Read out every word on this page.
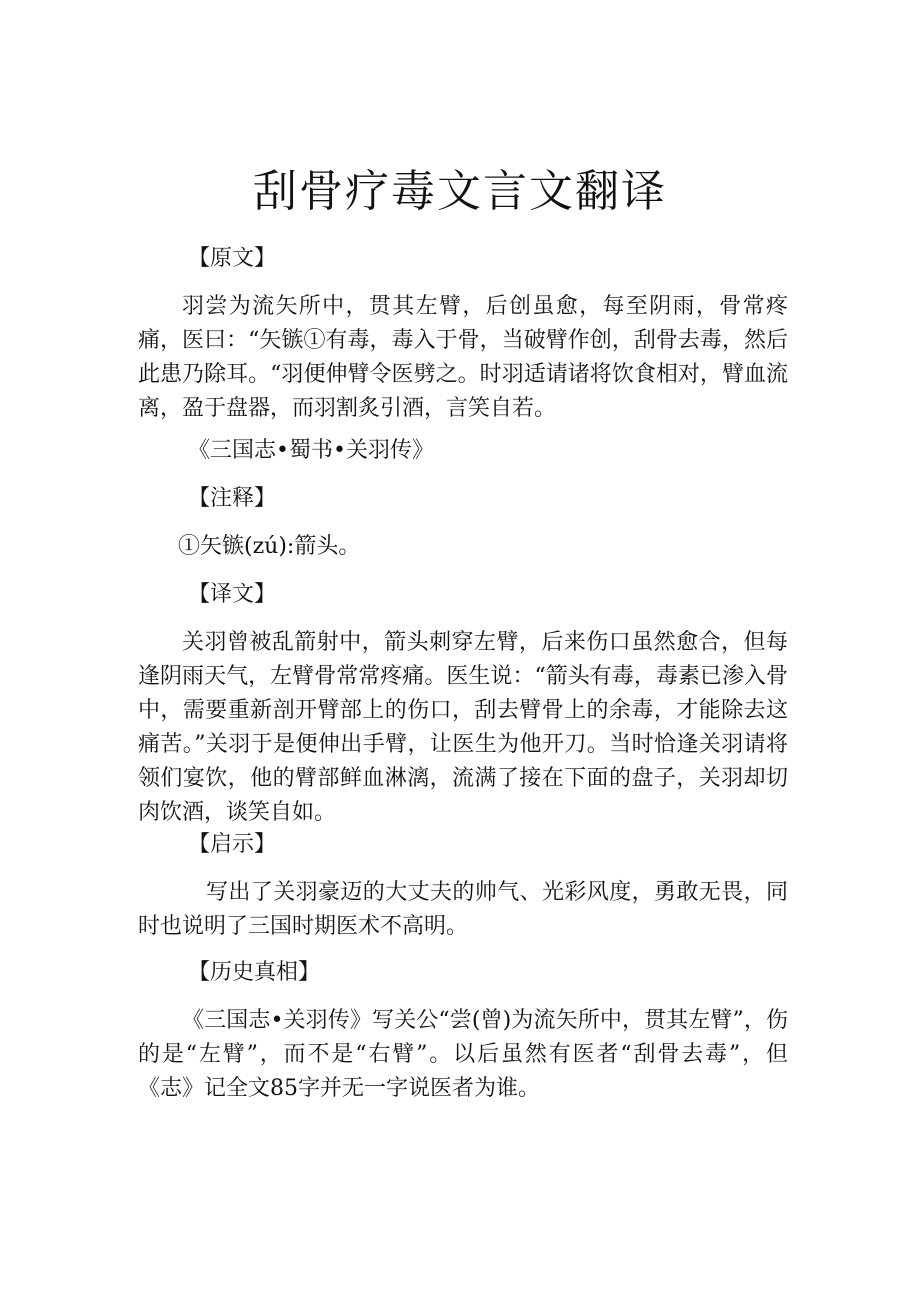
刮骨疗毒文言文翻译

【原文】

羽尝为流矢所中，贯其左臂，后创虽愈，每至阴雨，骨常疼痛，医曰：“矢镞①有毒，毒入于骨，当破臂作创，刮骨去毒，然后此患乃除耳。“羽便伸臂令医劈之。时羽适请诸将饮食相对，臂血流离，盈于盘器，而羽割炙引酒，言笑自若。

《三国志•蜀书•关羽传》

【注释】

①矢镞(zú):箭头。

【译文】

关羽曾被乱箭射中，箭头刺穿左臂，后来伤口虽然愈合，但每逢阴雨天气，左臂骨常常疼痛。医生说：“箭头有毒，毒素已渗入骨中，需要重新剖开臂部上的伤口，刮去臂骨上的余毒，才能除去这痛苦。”关羽于是便伸出手臂，让医生为他开刀。当时恰逢关羽请将领们宴饮，他的臂部鲜血淋漓，流满了接在下面的盘子，关羽却切肉饮酒，谈笑自如。

【启示】

写出了关羽豪迈的大丈夫的帅气、光彩风度，勇敢无畏，同时也说明了三国时期医术不高明。

【历史真相】

《三国志•关羽传》写关公“尝(曾)为流矢所中，贯其左臂”，伤的是“左臂”，而不是“右臂”。以后虽然有医者“刮骨去毒”，但《志》记全文85字并无一字说医者为谁。
